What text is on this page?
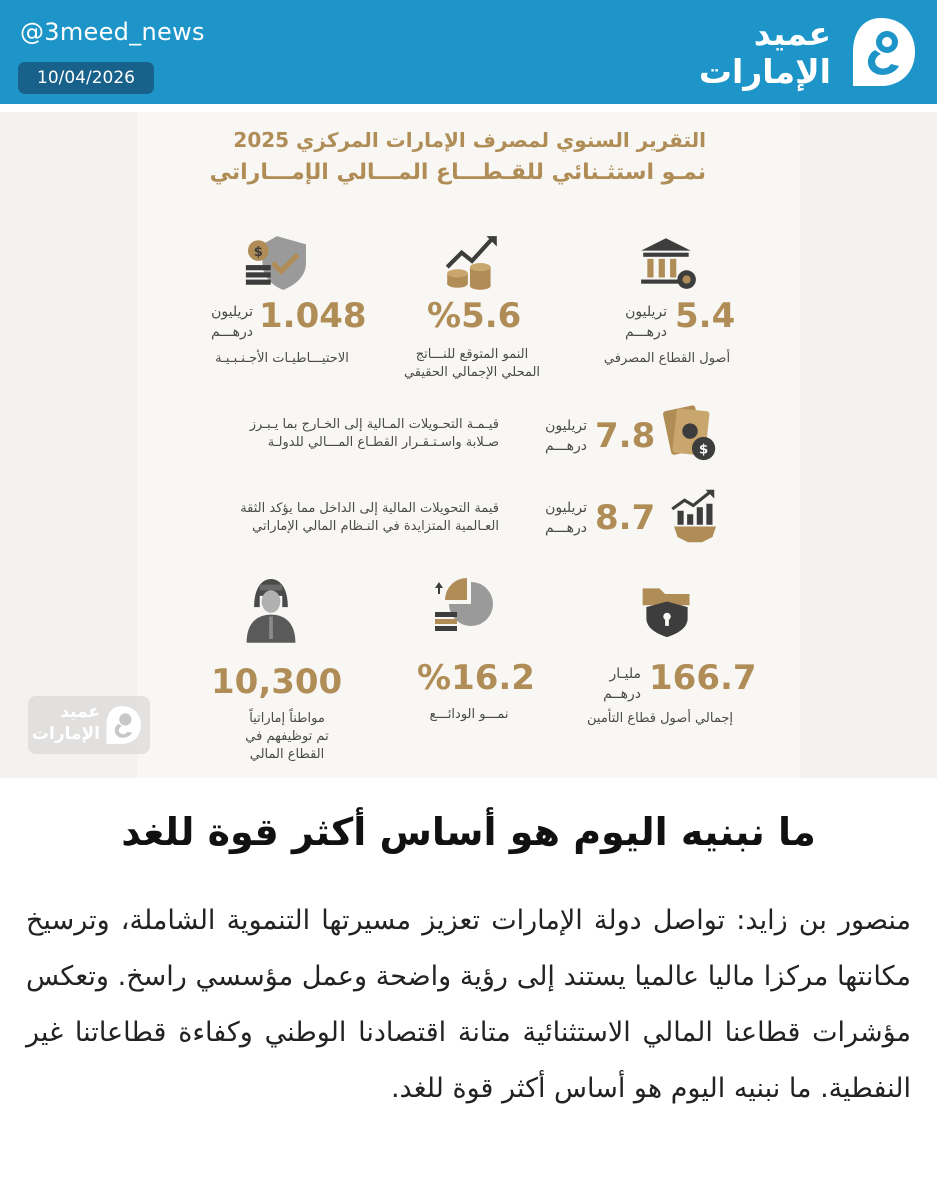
@3meed_news
10/04/2026
عميد
الإمارات
التقرير السنوي لمصرف الإمارات المركزي 2025
نمـو استثـنائي للقـطـــاع المـــالي الإمـــاراتي
5.4
تريليون
درهـــم
أصول القطاع المصرفي
%5.6
النمو المتوقع للنـــاتج
المحلي الإجمالي الحقيقي
$
1.048
تريليون
درهـــم
الاحتيـــاطيـات الأجـنـبـيـة
$
7.8
تريليون
درهـــم
قيـمـة التحـويلات المـالية إلى الخـارج بما يـبـرز
صـلابة واسـتـقـرار القطـاع المـــالي للدولـة
8.7
تريليون
درهـــم
قيمة التحويلات المالية إلى الداخل مما يؤكد الثقة
العـالمية المتزايدة في النـظام المالي الإماراتي
166.7
مليـار
درهــم
إجمالي أصول قطاع التأمين
%16.2
نمـــو الودائـــع
10,300
مواطناً إماراتياً
تم توظيفهم في
القطاع المالي
عميد
الإمارات
ما نبنيه اليوم هو أساس أكثر قوة للغد
منصور بن زايد: تواصل دولة الإمارات تعزيز مسيرتها التنموية الشاملة، وترسيخ مكانتها مركزا ماليا عالميا يستند إلى رؤية واضحة وعمل مؤسسي راسخ. وتعكس مؤشرات قطاعنا المالي الاستثنائية متانة اقتصادنا الوطني وكفاءة قطاعاتنا غير النفطية. ما نبنيه اليوم هو أساس أكثر قوة للغد.
